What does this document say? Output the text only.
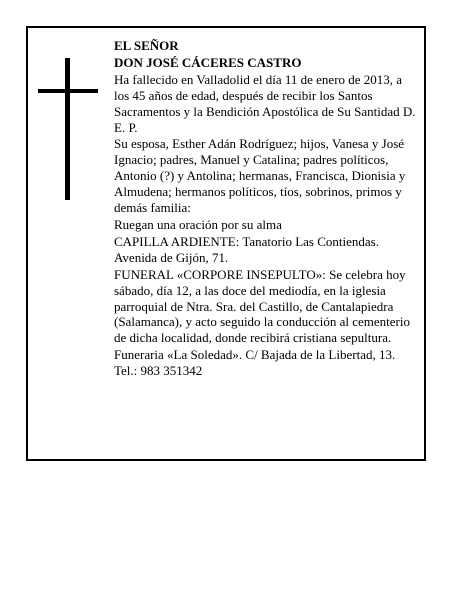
EL SEÑOR

DON JOSÉ CÁCERES CASTRO

Ha fallecido en Valladolid el día 11 de enero de 2013, a los 45 años de edad, después de recibir los Santos Sacramentos y la Bendición Apostólica de Su Santidad D. E. P.

Su esposa, Esther Adán Rodríguez; hijos, Vanesa y José Ignacio; padres, Manuel y Catalina; padres políticos, Antonio (?) y Antolina; hermanas, Francisca, Dionisia y Almudena; hermanos políticos, tíos, sobrinos, primos y demás familia:

Ruegan una oración por su alma

CAPILLA ARDIENTE: Tanatorio Las Contiendas. Avenida de Gijón, 71.

FUNERAL «CORPORE INSEPULTO»: Se celebra hoy sábado, día 12, a las doce del mediodía, en la iglesia parroquial de Ntra. Sra. del Castillo, de Cantalapiedra (Salamanca), y acto seguido la conducción al cementerio de dicha localidad, donde recibirá cristiana sepultura.

Funeraria «La Soledad». C/ Bajada de la Libertad, 13. Tel.: 983 351342
